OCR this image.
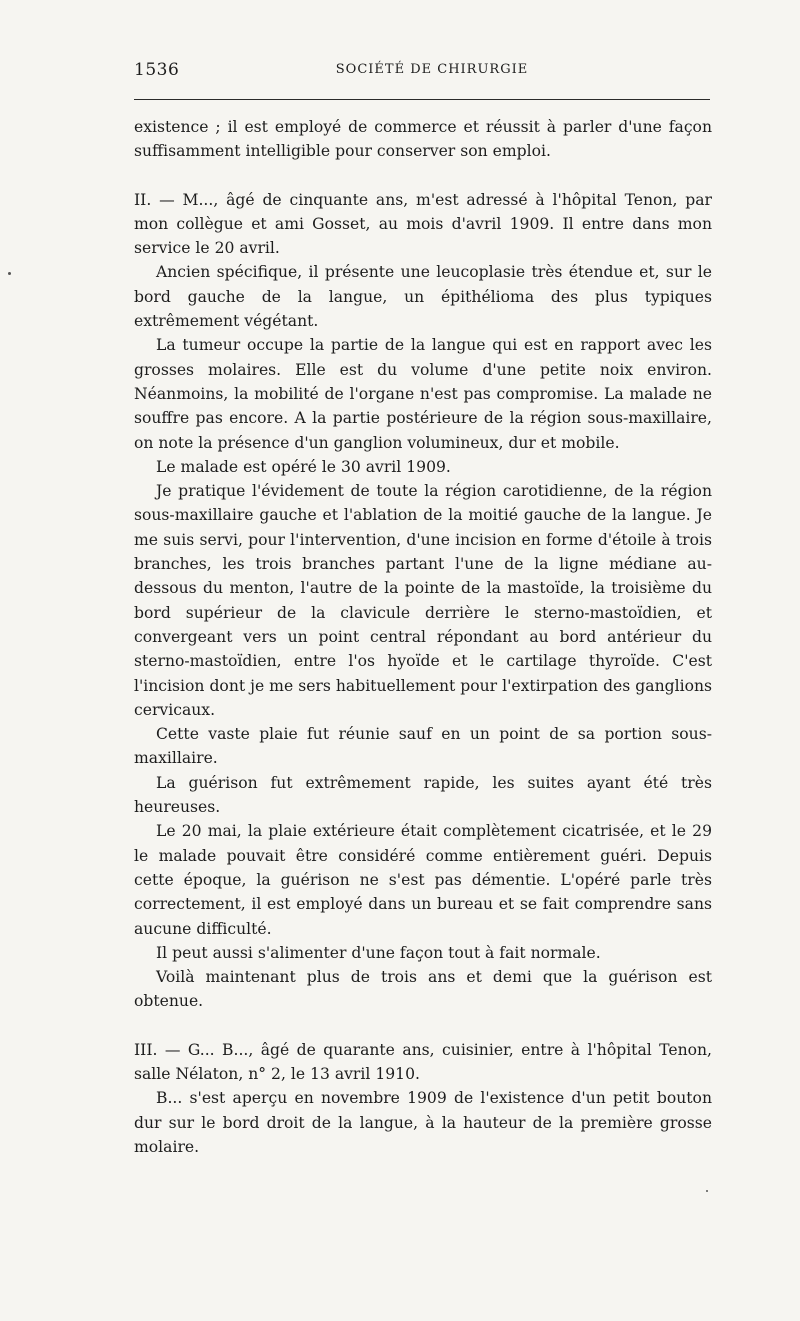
1536	SOCIÉTÉ DE CHIRURGIE

existence ; il est employé de commerce et réussit à parler d'une façon suffisamment intelligible pour conserver son emploi.

II. — M..., âgé de cinquante ans, m'est adressé à l'hôpital Tenon, par mon collègue et ami Gosset, au mois d'avril 1909. Il entre dans mon service le 20 avril.

Ancien spécifique, il présente une leucoplasie très étendue et, sur le bord gauche de la langue, un épithélioma des plus typiques extrêmement végétant.

La tumeur occupe la partie de la langue qui est en rapport avec les grosses molaires. Elle est du volume d'une petite noix environ. Néanmoins, la mobilité de l'organe n'est pas compromise. La malade ne souffre pas encore. A la partie postérieure de la région sous-maxillaire, on note la présence d'un ganglion volumineux, dur et mobile.

Le malade est opéré le 30 avril 1909.

Je pratique l'évidement de toute la région carotidienne, de la région sous-maxillaire gauche et l'ablation de la moitié gauche de la langue. Je me suis servi, pour l'intervention, d'une incision en forme d'étoile à trois branches, les trois branches partant l'une de la ligne médiane au-dessous du menton, l'autre de la pointe de la mastoïde, la troisième du bord supérieur de la clavicule derrière le sterno-mastoïdien, et convergeant vers un point central répondant au bord antérieur du sterno-mastoïdien, entre l'os hyoïde et le cartilage thyroïde. C'est l'incision dont je me sers habituellement pour l'extirpation des ganglions cervicaux.

Cette vaste plaie fut réunie sauf en un point de sa portion sous-maxillaire.

La guérison fut extrêmement rapide, les suites ayant été très heureuses.

Le 20 mai, la plaie extérieure était complètement cicatrisée, et le 29 le malade pouvait être considéré comme entièrement guéri. Depuis cette époque, la guérison ne s'est pas démentie. L'opéré parle très correctement, il est employé dans un bureau et se fait comprendre sans aucune difficulté.

Il peut aussi s'alimenter d'une façon tout à fait normale.

Voilà maintenant plus de trois ans et demi que la guérison est obtenue.

III. — G... B..., âgé de quarante ans, cuisinier, entre à l'hôpital Tenon, salle Nélaton, n° 2, le 13 avril 1910.

B... s'est aperçu en novembre 1909 de l'existence d'un petit bouton dur sur le bord droit de la langue, à la hauteur de la première grosse molaire.
